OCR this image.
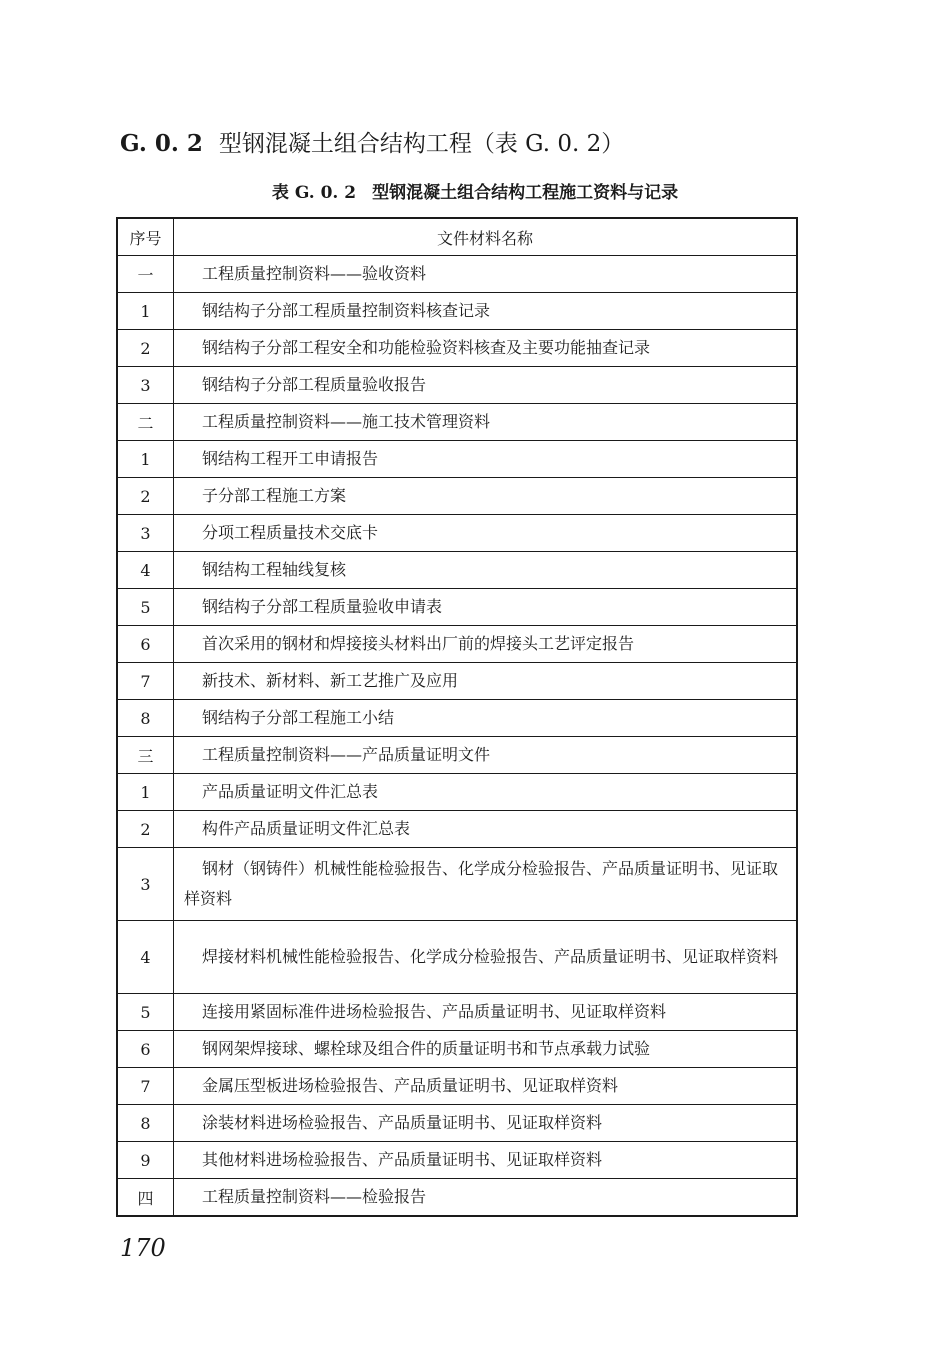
G. 0. 2 型钢混凝土组合结构工程（表 G. 0. 2）
表 G. 0. 2 型钢混凝土组合结构工程施工资料与记录
序号	文件材料名称
一	工程质量控制资料——验收资料
1	钢结构子分部工程质量控制资料核查记录
2	钢结构子分部工程安全和功能检验资料核查及主要功能抽查记录
3	钢结构子分部工程质量验收报告
二	工程质量控制资料——施工技术管理资料
1	钢结构工程开工申请报告
2	子分部工程施工方案
3	分项工程质量技术交底卡
4	钢结构工程轴线复核
5	钢结构子分部工程质量验收申请表
6	首次采用的钢材和焊接接头材料出厂前的焊接头工艺评定报告
7	新技术、新材料、新工艺推广及应用
8	钢结构子分部工程施工小结
三	工程质量控制资料——产品质量证明文件
1	产品质量证明文件汇总表
2	构件产品质量证明文件汇总表
3	钢材（钢铸件）机械性能检验报告、化学成分检验报告、产品质量证明书、见证取样资料
4	焊接材料机械性能检验报告、化学成分检验报告、产品质量证明书、见证取样资料
5	连接用紧固标准件进场检验报告、产品质量证明书、见证取样资料
6	钢网架焊接球、螺栓球及组合件的质量证明书和节点承载力试验
7	金属压型板进场检验报告、产品质量证明书、见证取样资料
8	涂装材料进场检验报告、产品质量证明书、见证取样资料
9	其他材料进场检验报告、产品质量证明书、见证取样资料
四	工程质量控制资料——检验报告
170
